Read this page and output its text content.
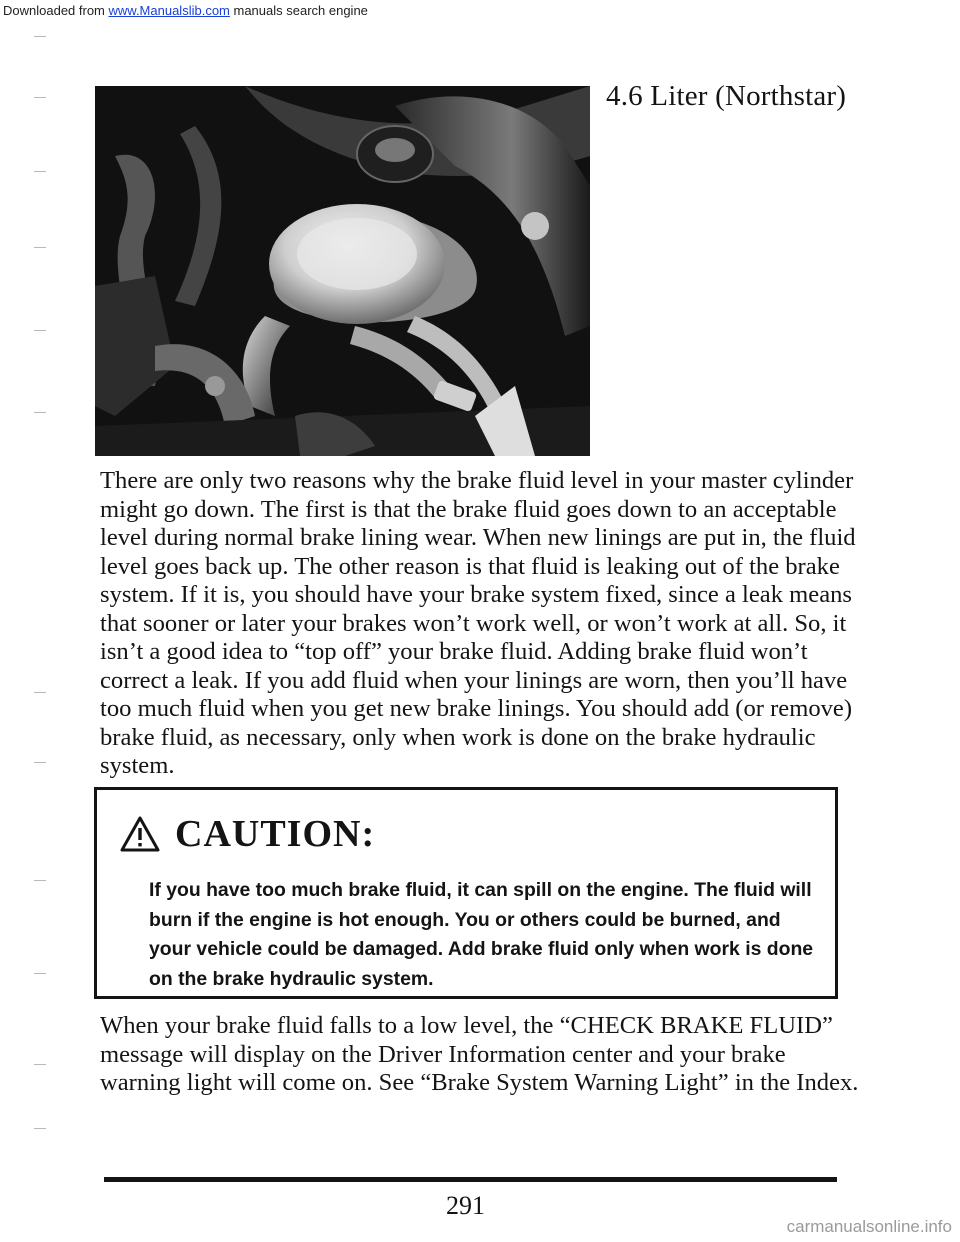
Downloaded from www.Manualslib.com manuals search engine
4.6 Liter (Northstar)

There are only two reasons why the brake fluid level in your master cylinder might go down. The first is that the brake fluid goes down to an acceptable level during normal brake lining wear. When new linings are put in, the fluid level goes back up. The other reason is that fluid is leaking out of the brake system. If it is, you should have your brake system fixed, since a leak means that sooner or later your brakes won’t work well, or won’t work at all. So, it isn’t a good idea to “top off” your brake fluid. Adding brake fluid won’t correct a leak. If you add fluid when your linings are worn, then you’ll have too much fluid when you get new brake linings. You should add (or remove) brake fluid, as necessary, only when work is done on the brake hydraulic system.

CAUTION:

If you have too much brake fluid, it can spill on the engine. The fluid will burn if the engine is hot enough. You or others could be burned, and your vehicle could be damaged. Add brake fluid only when work is done on the brake hydraulic system.

When your brake fluid falls to a low level, the “CHECK BRAKE FLUID” message will display on the Driver Information center and your brake warning light will come on. See “Brake System Warning Light” in the Index.

291
carmanualsonline.info
